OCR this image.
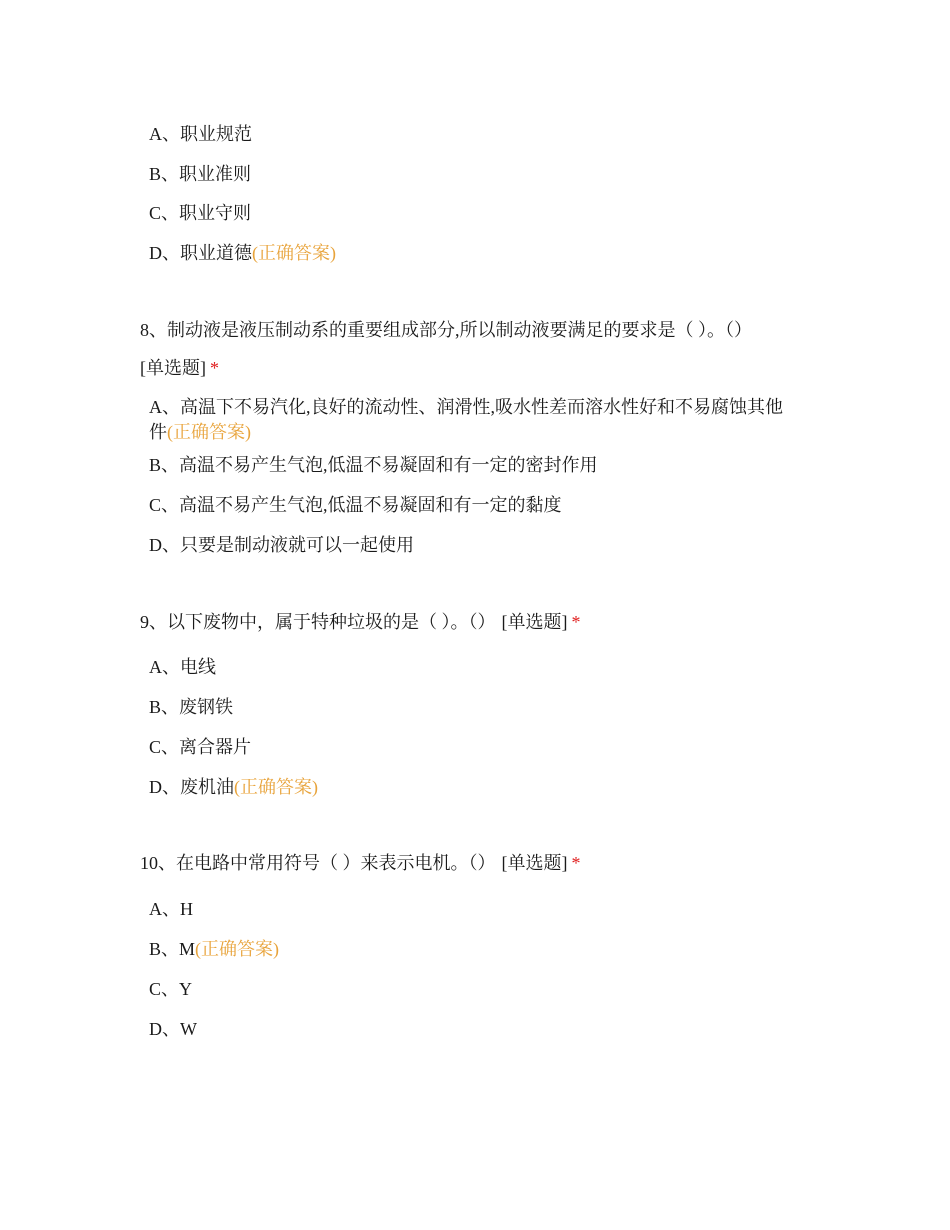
A、职业规范
B、职业准则
C、职业守则
D、职业道德(正确答案)
8、制动液是液压制动系的重要组成部分,所以制动液要满足的要求是（ ）。（）
[单选题] *
A、高温下不易汽化,良好的流动性、润滑性,吸水性差而溶水性好和不易腐蚀其他件(正确答案)
B、高温不易产生气泡,低温不易凝固和有一定的密封作用
C、高温不易产生气泡,低温不易凝固和有一定的黏度
D、只要是制动液就可以一起使用
9、以下废物中，属于特种垃圾的是（ ）。（） [单选题] *
A、电线
B、废钢铁
C、离合器片
D、废机油(正确答案)
10、在电路中常用符号（ ）来表示电机。（） [单选题] *
A、H
B、M(正确答案)
C、Y
D、W
